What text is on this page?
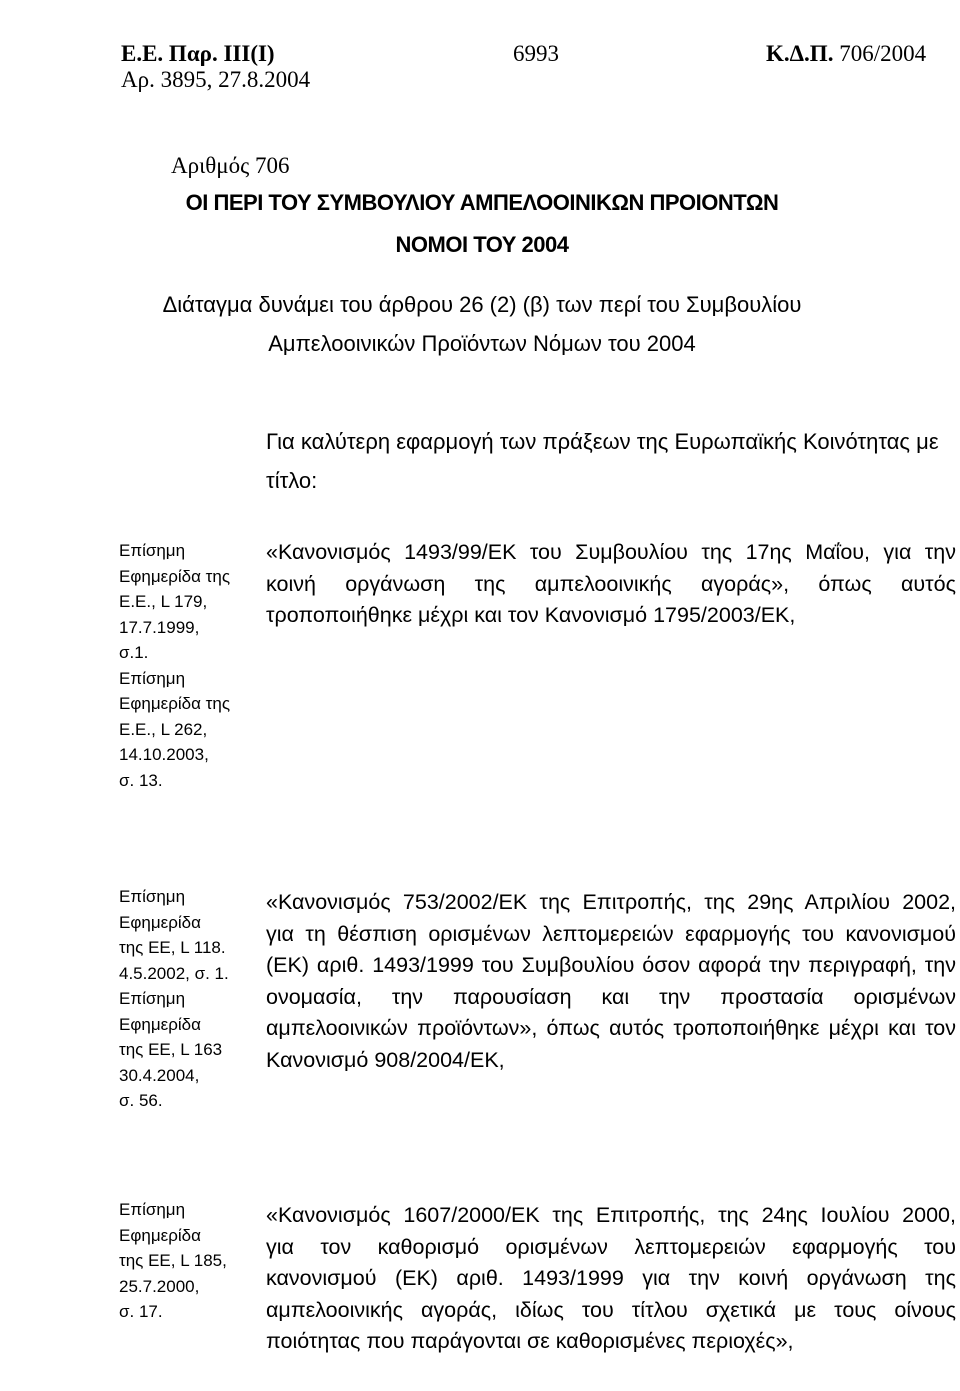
Ε.Ε. Παρ. III(I)
Αρ. 3895, 27.8.2004
6993	Κ.Δ.Π. 706/2004
Αριθμός 706
ΟΙ ΠΕΡΙ ΤΟΥ ΣΥΜΒΟΥΛΙΟΥ ΑΜΠΕΛΟΟΙΝΙΚΩΝ ΠΡΟΙΟΝΤΩΝ
ΝΟΜΟΙ ΤΟΥ 2004
Διάταγμα δυνάμει του άρθρου 26 (2) (β) των περί του Συμβουλίου
Αμπελοοινικών Προϊόντων Νόμων του 2004
Για καλύτερη εφαρμογή των πράξεων της Ευρωπαϊκής Κοινότητας με
τίτλο:
Επίσημη
Εφημερίδα της
Ε.Ε., L 179,
17.7.1999,
σ.1.
Επίσημη
Εφημερίδα της
Ε.Ε., L 262,
14.10.2003,
σ. 13.
«Κανονισμός 1493/99/ΕΚ του Συμβουλίου της 17ης Μαΐου, για την
κοινή οργάνωση της αμπελοοινικής αγοράς», όπως αυτός
τροποποιήθηκε μέχρι και τον Κανονισμό 1795/2003/ΕΚ,
Επίσημη
Εφημερίδα
της ΕΕ, L 118.
4.5.2002, σ. 1.
Επίσημη
Εφημερίδα
της ΕΕ, L 163
30.4.2004,
σ. 56.
«Κανονισμός 753/2002/ΕΚ της Επιτροπής, της 29ης Απριλίου 2002,
για τη θέσπιση ορισμένων λεπτομερειών εφαρμογής του κανονισμού
(ΕΚ) αριθ. 1493/1999 του Συμβουλίου όσον αφορά την περιγραφή, την
ονομασία, την παρουσίαση και την προστασία ορισμένων
αμπελοοινικών προϊόντων», όπως αυτός τροποποιήθηκε μέχρι και τον
Κανονισμό 908/2004/ΕΚ,
Επίσημη
Εφημερίδα
της ΕΕ, L 185,
25.7.2000,
σ. 17.
«Κανονισμός 1607/2000/ΕΚ της Επιτροπής, της 24ης Ιουλίου 2000,
για τον καθορισμό ορισμένων λεπτομερειών εφαρμογής του
κανονισμού (ΕΚ) αριθ. 1493/1999 για την κοινή οργάνωση της
αμπελοοινικής αγοράς, ιδίως του τίτλου σχετικά με τους οίνους
ποιότητας που παράγονται σε καθορισμένες περιοχές»,
